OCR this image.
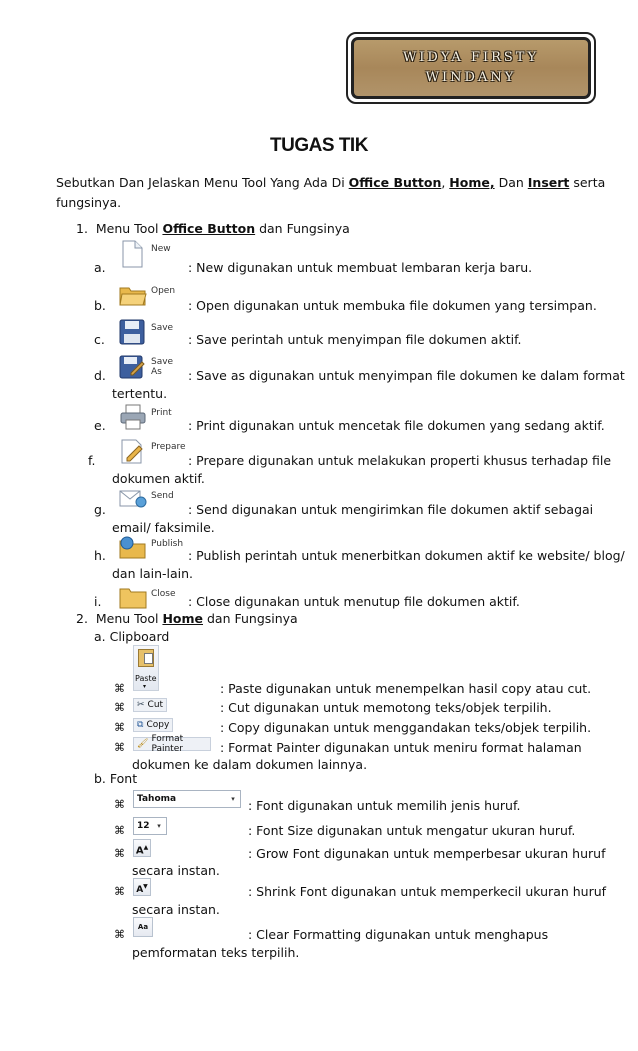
WIDYA FIRSTY
WINDANY
TUGAS TIK
Sebutkan Dan Jelaskan Menu Tool Yang Ada Di Office Button, Home, Dan Insert serta
fungsinya.
1. Menu Tool Office Button dan Fungsinya
a.
New
: New digunakan untuk membuat lembaran kerja baru.
b.
Open
: Open digunakan untuk membuka file dokumen yang tersimpan.
c.
Save
: Save perintah untuk menyimpan file dokumen aktif.
d.
Save As	: Save as digunakan untuk menyimpan file dokumen ke dalam format
tertentu.
e.
Print
: Print digunakan untuk mencetak file dokumen yang sedang aktif.
f.
Prepare
: Prepare digunakan untuk melakukan properti khusus terhadap file
dokumen aktif.
g.
Send
: Send digunakan untuk mengirimkan file dokumen aktif sebagai
email/ faksimile.
h.
Publish
: Publish perintah untuk menerbitkan dokumen aktif ke website/ blog/
dan lain-lain.
i.	Close : Close digunakan untuk menutup file dokumen aktif.
2. Menu Tool Home dan Fungsinya
a. Clipboard
Paste
▾
⌘	: Paste digunakan untuk menempelkan hasil copy atau cut.
⌘ ✂ Cut	: Cut digunakan untuk memotong teks/objek terpilih.
⌘ ⧉ Copy	: Copy digunakan untuk menggandakan teks/objek terpilih.
⌘ 🖌 Format Painter	: Format Painter digunakan untuk meniru format halaman
dokumen ke dalam dokumen lainnya.
b. Font
⌘ Tahoma	▾	: Font digunakan untuk memilih jenis huruf.
⌘ 12	▾	: Font Size digunakan untuk mengatur ukuran huruf.
⌘ A▲	: Grow Font digunakan untuk memperbesar ukuran huruf
secara instan.
⌘	A▼	: Shrink Font digunakan untuk memperkecil ukuran huruf
secara instan.
⌘
Aa	: Clear Formatting digunakan untuk menghapus
pemformatan teks terpilih.
